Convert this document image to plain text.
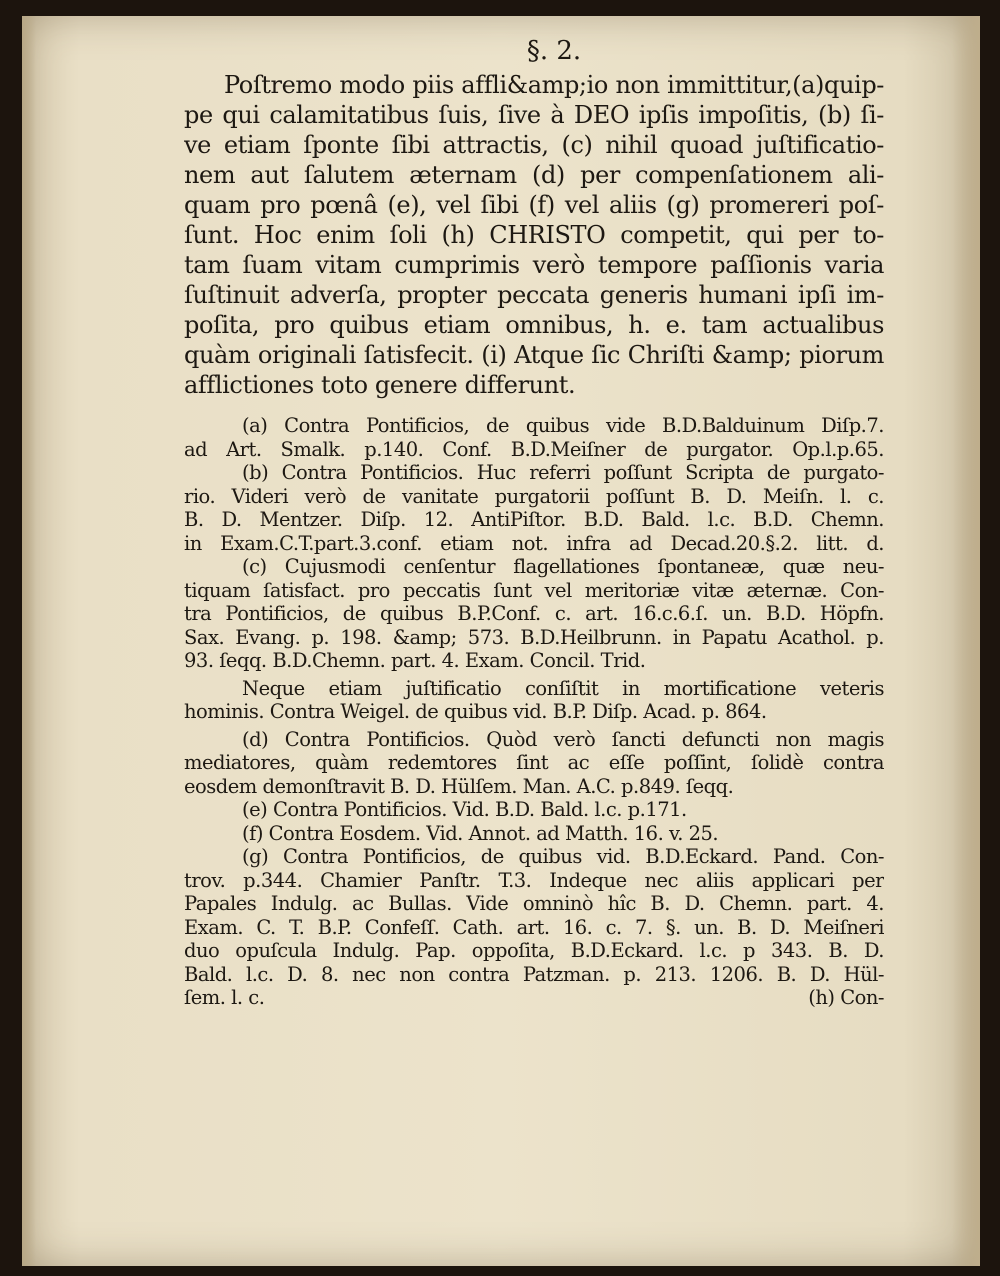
§. 2.
Poſtremo modo piis affli&amp;io non immittitur,(a)quip-
pe qui calamitatibus ſuis, ſive à DEO ipſis impoſitis, (b) ſi-
ve etiam ſponte ſibi attractis, (c) nihil quoad juſtificatio-
nem aut ſalutem æternam (d) per compenſationem ali-
quam pro pœnâ (e), vel ſibi (f) vel aliis (g) promereri poſ-
ſunt. Hoc enim ſoli (h) CHRISTO competit, qui per to-
tam ſuam vitam cumprimis verò tempore paſſionis varia
ſuſtinuit adverſa, propter peccata generis humani ipſi im-
poſita, pro quibus etiam omnibus, h. e. tam actualibus
quàm originali ſatisfecit. (i) Atque ſic Chriſti &amp; piorum
afflictiones toto genere differunt.
(a) Contra Pontificios, de quibus vide B.D.Balduinum Diſp.7.
ad Art. Smalk. p.140. Conf. B.D.Meiſner de purgator. Op.l.p.65.
(b) Contra Pontificios. Huc referri poſſunt Scripta de purgato-
rio. Videri verò de vanitate purgatorii poſſunt B. D. Meiſn. l. c.
B. D. Mentzer. Diſp. 12. AntiPiſtor. B.D. Bald. l.c. B.D. Chemn.
in Exam.C.T.part.3.conf. etiam not. infra ad Decad.20.§.2. litt. d.
(c) Cujusmodi cenſentur flagellationes ſpontaneæ, quæ neu-
tiquam ſatisfact. pro peccatis ſunt vel meritoriæ vitæ æternæ. Con-
tra Pontificios, de quibus B.P.Conf. c. art. 16.c.6.ſ. un. B.D. Höpfn.
Sax. Evang. p. 198. &amp; 573. B.D.Heilbrunn. in Papatu Acathol. p.
93. ſeqq. B.D.Chemn. part. 4. Exam. Concil. Trid.
Neque etiam juſtificatio conſiſtit in mortificatione veteris
hominis. Contra Weigel. de quibus vid. B.P. Diſp. Acad. p. 864.
(d) Contra Pontificios. Quòd verò ſancti defuncti non magis
mediatores, quàm redemtores ſint ac eſſe poſſint, ſolidè contra
eosdem demonſtravit B. D. Hülſem. Man. A.C. p.849. ſeqq.
(e) Contra Pontificios. Vid. B.D. Bald. l.c. p.171.
(f) Contra Eosdem. Vid. Annot. ad Matth. 16. v. 25.
(g) Contra Pontificios, de quibus vid. B.D.Eckard. Pand. Con-
trov. p.344. Chamier Panſtr. T.3. Indeque nec aliis applicari per
Papales Indulg. ac Bullas. Vide omninò hîc B. D. Chemn. part. 4.
Exam. C. T. B.P. Confeſſ. Cath. art. 16. c. 7. §. un. B. D. Meiſneri
duo opuſcula Indulg. Pap. oppoſita, B.D.Eckard. l.c. p 343. B. D.
Bald. l.c. D. 8. nec non contra Patzman. p. 213. 1206. B. D. Hül-
ſem. l. c.	(h) Con-
